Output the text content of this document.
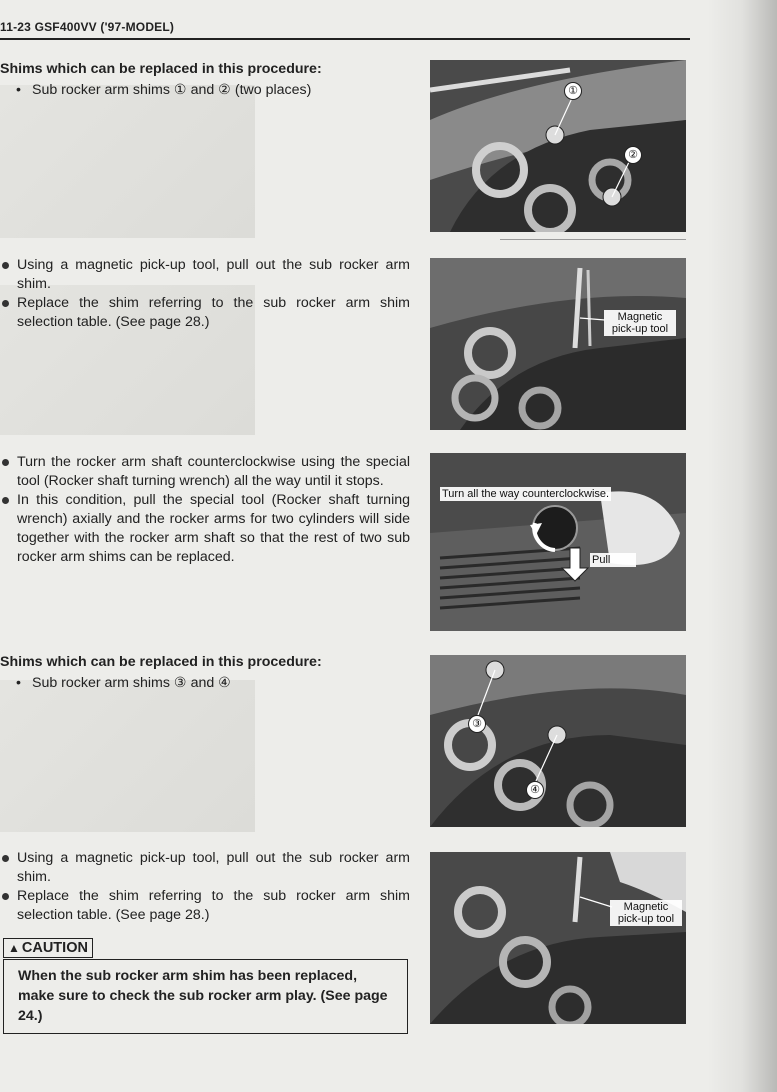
11-23 GSF400VV ('97-MODEL)

Shims which can be replaced in this procedure:

• Sub rocker arm shims ① and ② (two places)

Using a magnetic pick-up tool, pull out the sub rocker arm shim.
Replace the shim referring to the sub rocker arm shim selection table. (See page 28.)
Turn the rocker arm shaft counterclockwise using the special tool (Rocker shaft turning wrench) all the way until it stops.
In this condition, pull the special tool (Rocker shaft turning wrench) axially and the rocker arms for two cylinders will side together with the rocker arm shaft so that the rest of two sub rocker arm shims can be replaced.

Shims which can be replaced in this procedure:

• Sub rocker arm shims ③ and ④

Using a magnetic pick-up tool, pull out the sub rocker arm shim.
Replace the shim referring to the sub rocker arm shim selection table. (See page 28.)
▲ CAUTION
When the sub rocker arm shim has been replaced, make sure to check the sub rocker arm play. (See page 24.)
①
②
Magnetic pick-up tool
Turn all the way counterclockwise.
Pull
③
④
Magnetic pick-up tool
